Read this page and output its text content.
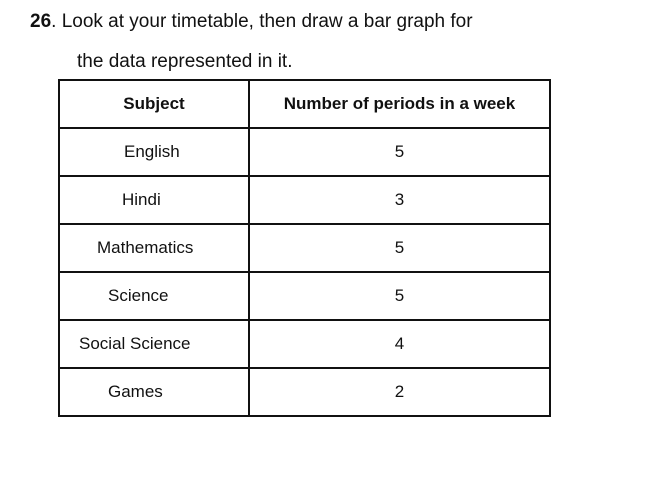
26. Look at your timetable, then draw a bar graph for
the data represented in it.
Subject	Number of periods in a week
English	5
Hindi	3
Mathematics	5
Science	5
Social Science	4
Games	2
